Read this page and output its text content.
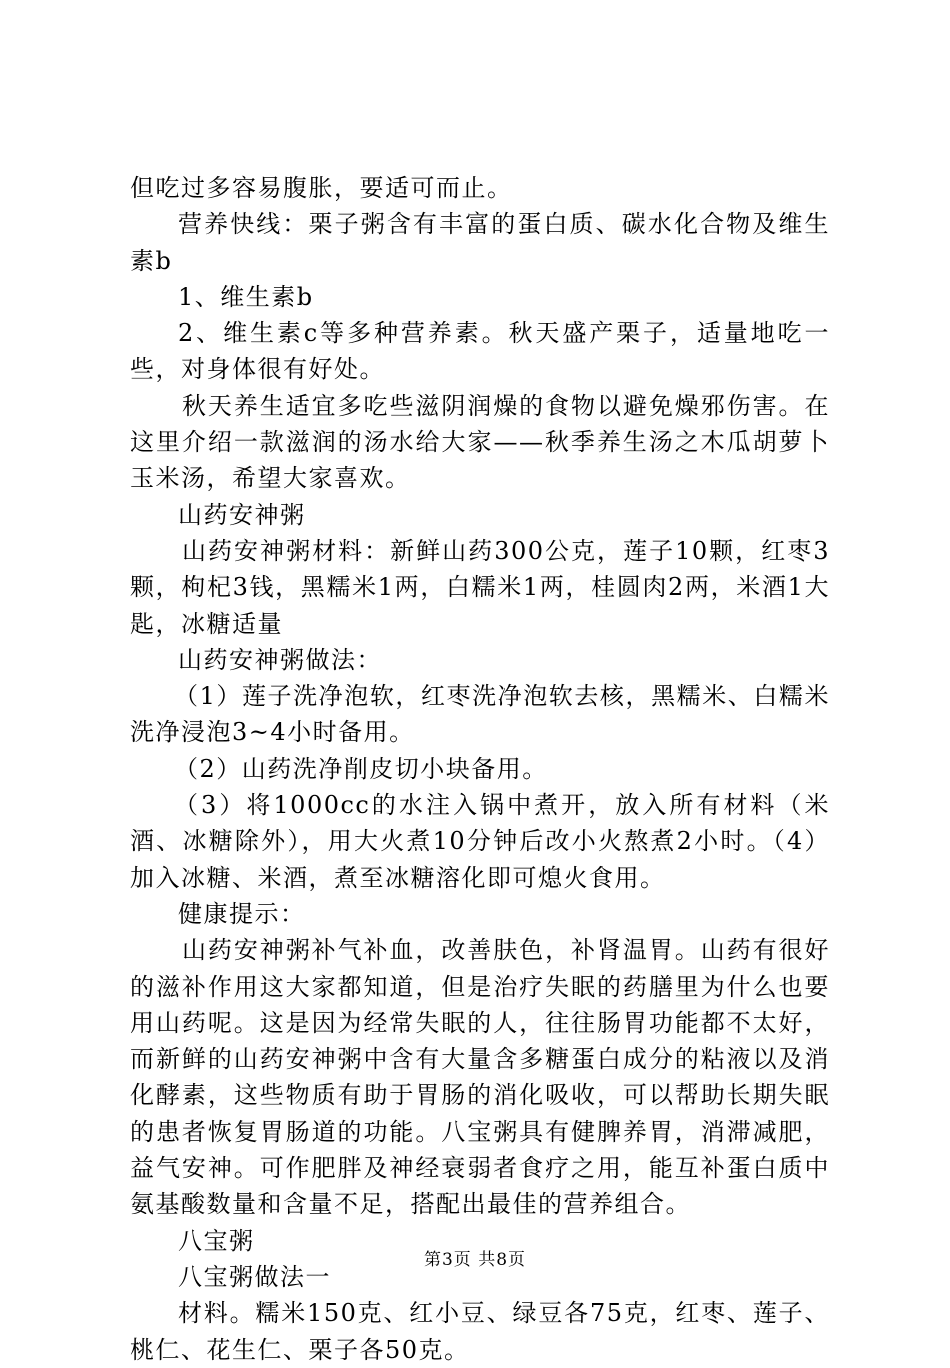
但吃过多容易腹胀，要适可而止。

营养快线：栗子粥含有丰富的蛋白质、碳水化合物及维生素b

1、维生素b

2、维生素c等多种营养素。秋天盛产栗子，适量地吃一些，对身体很有好处。

秋天养生适宜多吃些滋阴润燥的食物以避免燥邪伤害。在这里介绍一款滋润的汤水给大家——秋季养生汤之木瓜胡萝卜玉米汤，希望大家喜欢。

山药安神粥

山药安神粥材料：新鲜山药300公克，莲子10颗，红枣3颗，枸杞3钱，黑糯米1两，白糯米1两，桂圆肉2两，米酒1大匙，冰糖适量

山药安神粥做法：

（1）莲子洗净泡软，红枣洗净泡软去核，黑糯米、白糯米洗净浸泡3~4小时备用。

（2）山药洗净削皮切小块备用。

（3）将1000cc的水注入锅中煮开，放入所有材料（米酒、冰糖除外），用大火煮10分钟后改小火熬煮2小时。（4）加入冰糖、米酒，煮至冰糖溶化即可熄火食用。

健康提示：

山药安神粥补气补血，改善肤色，补肾温胃。山药有很好的滋补作用这大家都知道，但是治疗失眠的药膳里为什么也要用山药呢。这是因为经常失眠的人，往往肠胃功能都不太好，而新鲜的山药安神粥中含有大量含多糖蛋白成分的粘液以及消化酵素，这些物质有助于胃肠的消化吸收，可以帮助长期失眠的患者恢复胃肠道的功能。八宝粥具有健脾养胃，消滞减肥，益气安神。可作肥胖及神经衰弱者食疗之用，能互补蛋白质中氨基酸数量和含量不足，搭配出最佳的营养组合。

八宝粥

八宝粥做法一

材料。糯米150克、红小豆、绿豆各75克，红枣、莲子、桃仁、花生仁、栗子各50克。

第3页 共8页
